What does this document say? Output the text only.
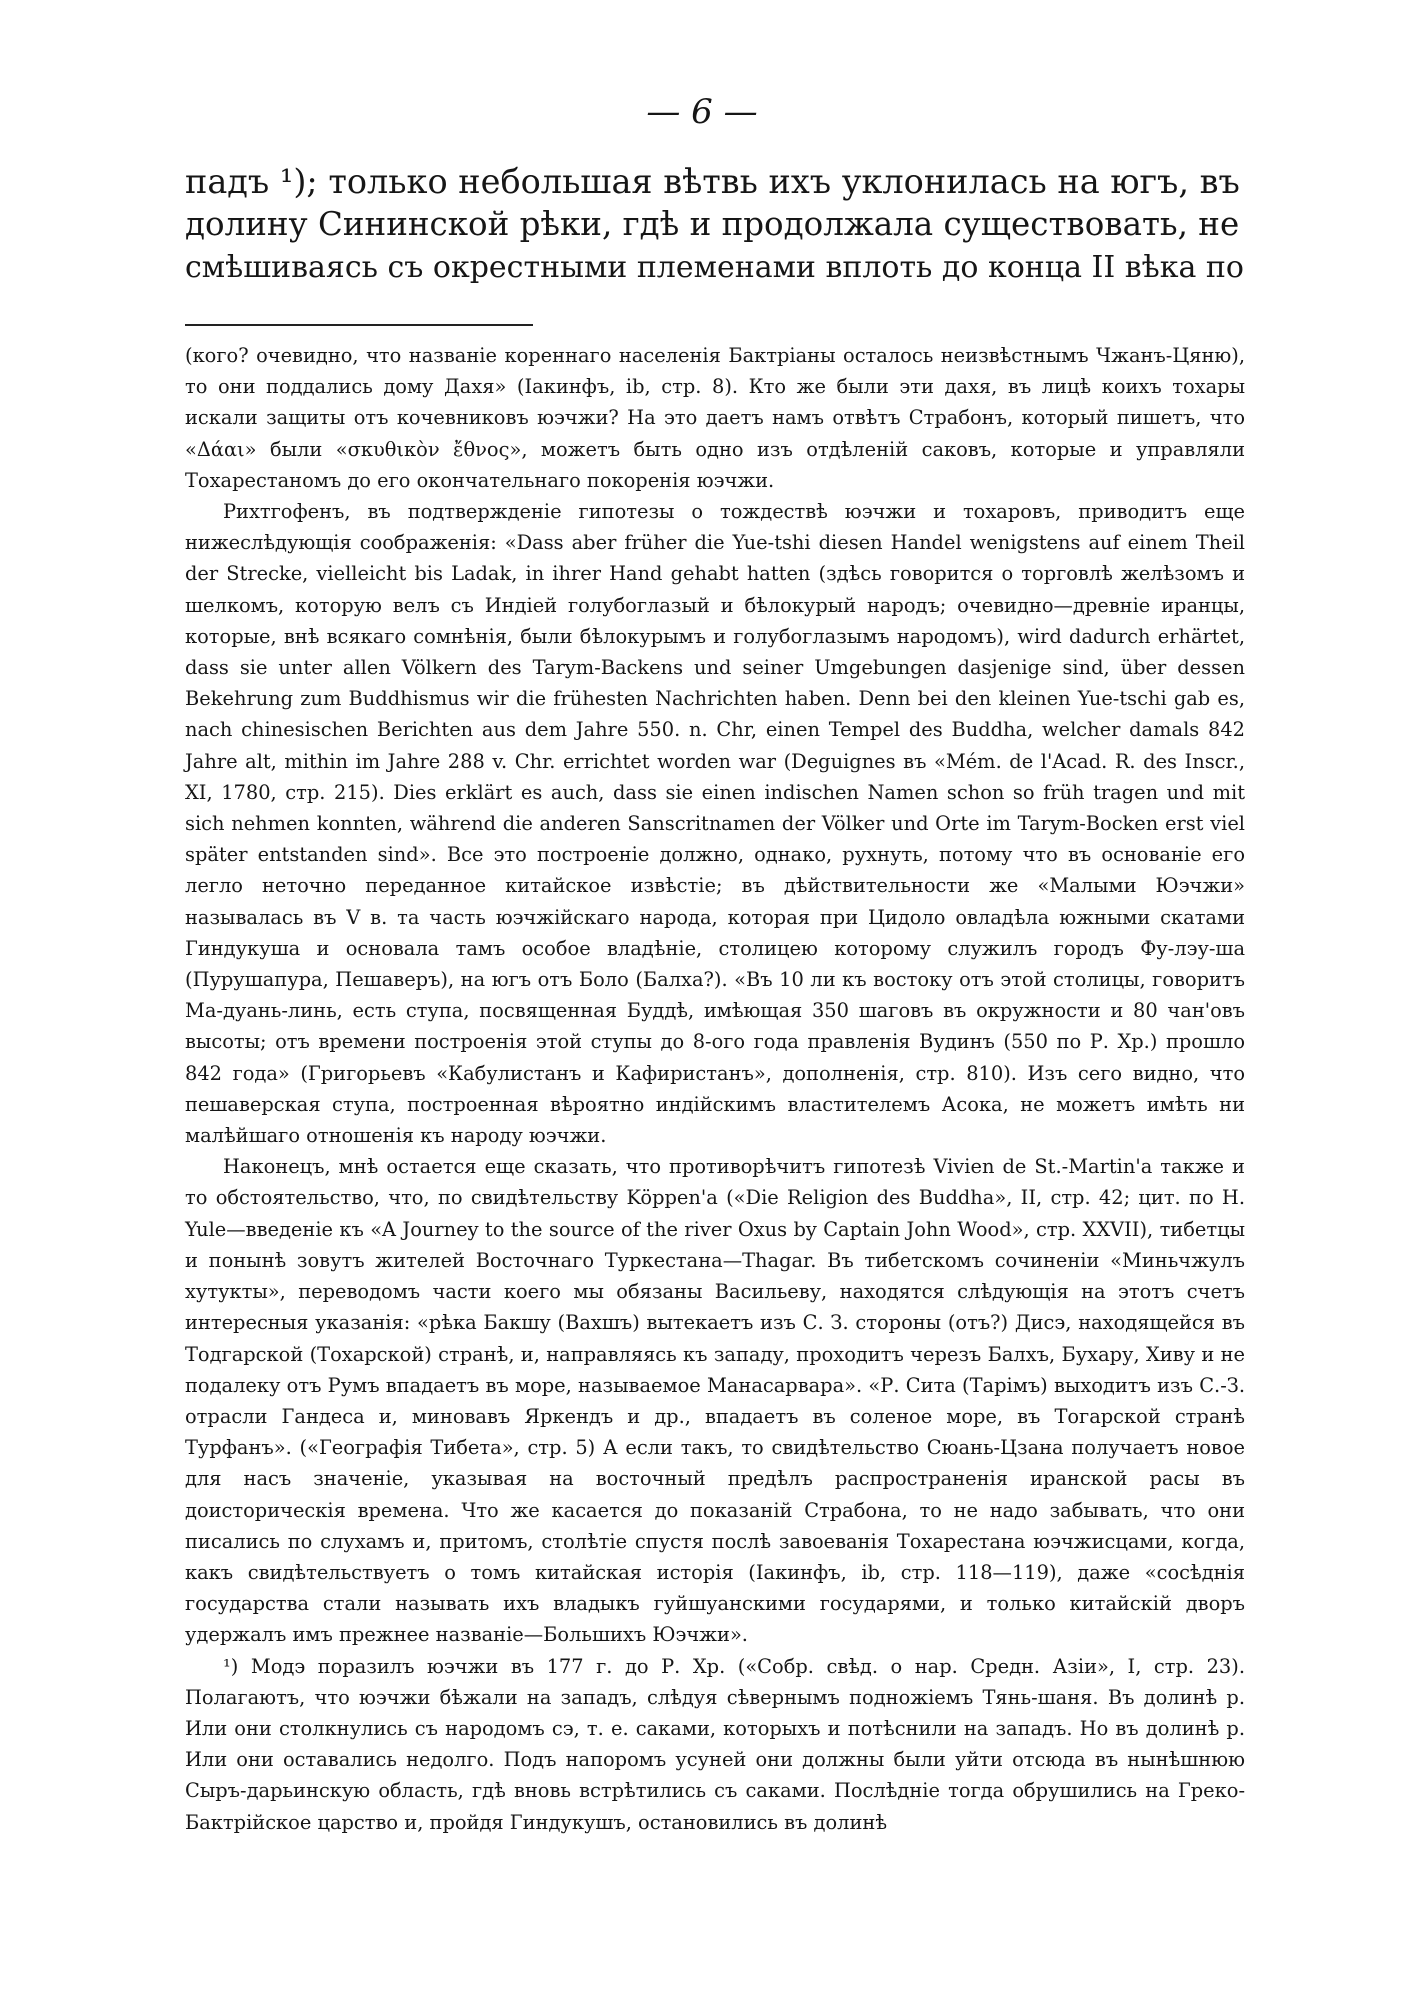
— 6 —
падъ ¹); только небольшая вѣтвь ихъ уклонилась на югъ, въ
долину Сининской рѣки, гдѣ и продолжала существовать, не
смѣшиваясь съ окрестными племенами вплоть до конца II вѣка по

(кого? очевидно, что названіе кореннаго населенія Бактріаны осталось неизвѣстнымъ Чжанъ-Цяню), то они поддались дому Дахя» (Іакинфъ, ib, стр. 8). Кто же были эти дахя, въ лицѣ коихъ тохары искали защиты отъ кочевниковъ юэчжи? На это даетъ намъ отвѣтъ Страбонъ, который пишетъ, что «Δάαι» были «σκυθικὸν ἔθνος», можетъ быть одно изъ отдѣленій саковъ, которые и управляли Тохарестаномъ до его окончательнаго покоренія юэчжи.

Рихтгофенъ, въ подтвержденіе гипотезы о тождествѣ юэчжи и тохаровъ, приводитъ еще нижеслѣдующія соображенія: «Dass aber früher die Yue-tshi diesen Handel wenigstens auf einem Theil der Strecke, vielleicht bis Ladak, in ihrer Hand gehabt hatten (здѣсь говорится о торговлѣ желѣзомъ и шелкомъ, которую велъ съ Индіей голубоглазый и бѣлокурый народъ; очевидно—древніе иранцы, которые, внѣ всякаго сомнѣнія, были бѣлокурымъ и голубоглазымъ народомъ), wird dadurch erhärtet, dass sie unter allen Völkern des Tarym-Backens und seiner Umgebungen dasjenige sind, über dessen Bekehrung zum Buddhismus wir die frühesten Nachrichten haben. Denn bei den kleinen Yue-tschi gab es, nach chinesischen Berichten aus dem Jahre 550. n. Chr, einen Tempel des Buddha, welcher damals 842 Jahre alt, mithin im Jahre 288 v. Chr. errichtet worden war (Deguignes въ «Mém. de l'Acad. R. des Inscr., XI, 1780, стр. 215). Dies erklärt es auch, dass sie einen indischen Namen schon so früh tragen und mit sich nehmen konnten, während die anderen Sanscritnamen der Völker und Orte im Tarym-Bocken erst viel später entstanden sind». Все это построеніе должно, однако, рухнуть, потому что въ основаніе его легло неточно переданное китайское извѣстіе; въ дѣйствительности же «Малыми Юэчжи» называлась въ V в. та часть юэчжійскаго народа, которая при Цидоло овладѣла южными скатами Гиндукуша и основала тамъ особое владѣніе, столицею которому служилъ городъ Фу-лэу-ша (Пурушапура, Пешаверъ), на югъ отъ Боло (Балха?). «Въ 10 ли къ востоку отъ этой столицы, говоритъ Ма-дуань-линь, есть ступа, посвященная Буддѣ, имѣющая 350 шаговъ въ окружности и 80 чан'овъ высоты; отъ времени построенія этой ступы до 8-ого года правленія Вудинъ (550 по Р. Хр.) прошло 842 года» (Григорьевъ «Кабулистанъ и Кафиристанъ», дополненія, стр. 810). Изъ сего видно, что пешаверская ступа, построенная вѣроятно индійскимъ властителемъ Асока, не можетъ имѣть ни малѣйшаго отношенія къ народу юэчжи.

Наконецъ, мнѣ остается еще сказать, что противорѣчитъ гипотезѣ Vivien de St.-Martin'a также и то обстоятельство, что, по свидѣтельству Köppen'a («Die Religion des Buddha», II, стр. 42; цит. по H. Yule—введеніе къ «A Journey to the source of the river Oxus by Captain John Wood», стр. XXVII), тибетцы и понынѣ зовутъ жителей Восточнаго Туркестана—Thagar. Въ тибетскомъ сочиненіи «Миньчжулъ хутукты», переводомъ части коего мы обязаны Васильеву, находятся слѣдующія на этотъ счетъ интересныя указанія: «рѣка Бакшу (Вахшъ) вытекаетъ изъ С. З. стороны (отъ?) Дисэ, находящейся въ Тодгарской (Тохарской) странѣ, и, направляясь къ западу, проходитъ черезъ Балхъ, Бухару, Хиву и не подалеку отъ Румъ впадаетъ въ море, называемое Манасарвара». «Р. Сита (Тарімъ) выходитъ изъ С.-З. отрасли Гандеса и, миновавъ Яркендъ и др., впадаетъ въ соленое море, въ Тогарской странѣ Турфанъ». («Географія Тибета», стр. 5) А если такъ, то свидѣтельство Сюань-Цзана получаетъ новое для насъ значеніе, указывая на восточный предѣлъ распространенія иранской расы въ доисторическія времена. Что же касается до показаній Страбона, то не надо забывать, что они писались по слухамъ и, притомъ, столѣтіе спустя послѣ завоеванія Тохарестана юэчжисцами, когда, какъ свидѣтельствуетъ о томъ китайская исторія (Іакинфъ, ib, стр. 118—119), даже «сосѣднія государства стали называть ихъ владыкъ гуйшуанскими государями, и только китайскій дворъ удержалъ имъ прежнее названіе—Большихъ Юэчжи».

¹) Модэ поразилъ юэчжи въ 177 г. до Р. Хр. («Собр. свѣд. о нар. Средн. Азіи», I, стр. 23). Полагаютъ, что юэчжи бѣжали на западъ, слѣдуя сѣвернымъ подножіемъ Тянь-шаня. Въ долинѣ р. Или они столкнулись съ народомъ сэ, т. е. саками, которыхъ и потѣснили на западъ. Но въ долинѣ р. Или они оставались недолго. Подъ напоромъ усуней они должны были уйти отсюда въ нынѣшнюю Сыръ-дарьинскую область, гдѣ вновь встрѣтились съ саками. Послѣдніе тогда обрушились на Греко-Бактрійское царство и, пройдя Гиндукушъ, остановились въ долинѣ
